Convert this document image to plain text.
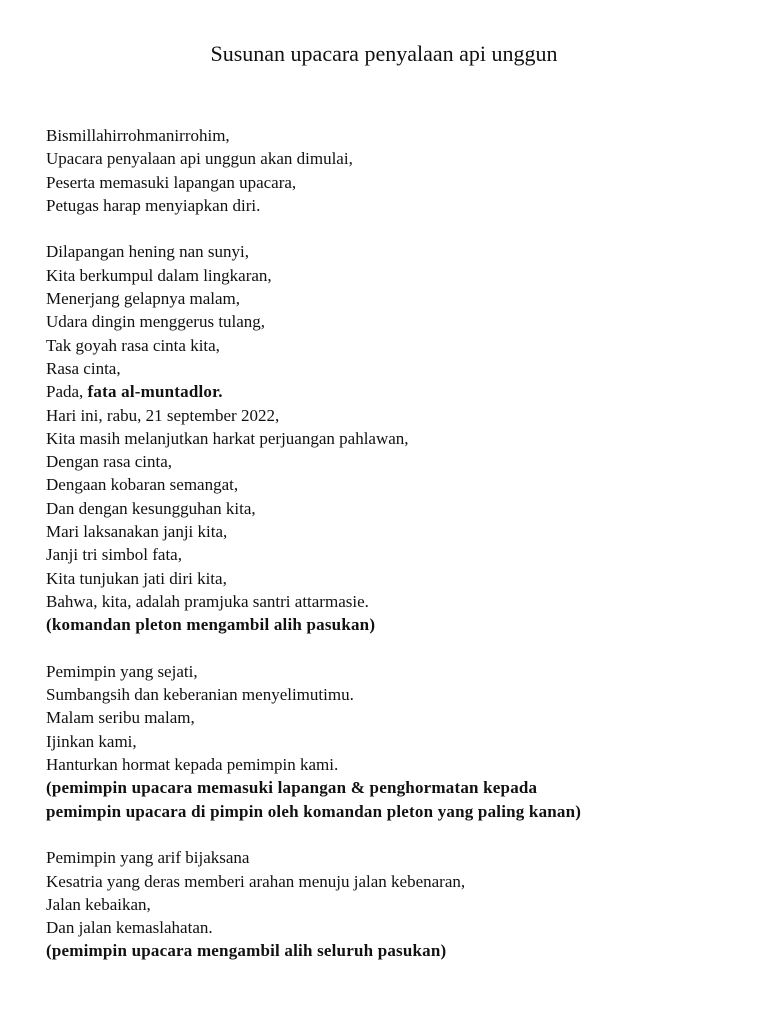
Susunan upacara penyalaan api unggun
Bismillahirrohmanirrohim,
Upacara penyalaan api unggun akan dimulai,
Peserta memasuki lapangan upacara,
Petugas harap menyiapkan diri.
Dilapangan hening nan sunyi,
Kita berkumpul dalam lingkaran,
Menerjang gelapnya malam,
Udara dingin menggerus tulang,
Tak goyah rasa cinta kita,
Rasa cinta,
Pada, fata al-muntadlor.
Hari ini, rabu, 21 september 2022,
Kita masih melanjutkan harkat perjuangan pahlawan,
Dengan rasa cinta,
Dengaan kobaran semangat,
Dan dengan kesungguhan kita,
Mari laksanakan janji kita,
Janji tri simbol fata,
Kita tunjukan jati diri kita,
Bahwa, kita, adalah pramjuka santri attarmasie.
(komandan pleton mengambil alih pasukan)
Pemimpin yang sejati,
Sumbangsih dan keberanian menyelimutimu.
Malam seribu malam,
Ijinkan kami,
Hanturkan hormat kepada pemimpin kami.
(pemimpin upacara memasuki lapangan & penghormatan kepada
pemimpin upacara di pimpin oleh komandan pleton yang paling kanan)
Pemimpin yang arif bijaksana
Kesatria yang deras memberi arahan menuju jalan kebenaran,
Jalan kebaikan,
Dan jalan kemaslahatan.
(pemimpin upacara mengambil alih seluruh pasukan)
